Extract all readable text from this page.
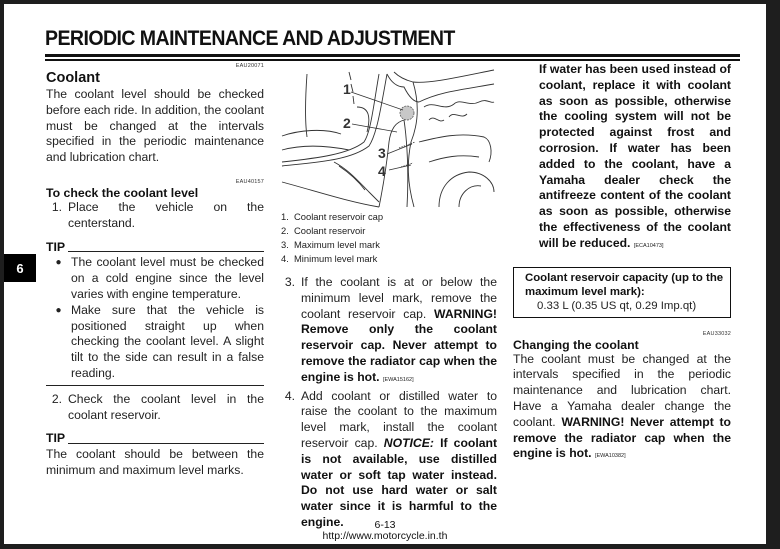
PERIODIC MAINTENANCE AND ADJUSTMENT
6
EAU20071
Coolant
The coolant level should be checked before each ride. In addition, the coolant must be changed at the intervals specified in the periodic maintenance and lubrication chart.
EAU40157
To check the coolant level
1. Place the vehicle on the centerstand.
TIP
● The coolant level must be checked on a cold engine since the level varies with engine temperature.
● Make sure that the vehicle is positioned straight up when checking the coolant level. A slight tilt to the side can result in a false reading.
2. Check the coolant level in the coolant reservoir.
TIP
The coolant should be between the minimum and maximum level marks.
1
2
3
4
1. Coolant reservoir cap
2. Coolant reservoir
3. Maximum level mark
4. Minimum level mark
3. If the coolant is at or below the minimum level mark, remove the coolant reservoir cap. WARNING! Remove only the coolant reservoir cap. Never attempt to remove the radiator cap when the engine is hot. [EWA15162]
4. Add coolant or distilled water to raise the coolant to the maximum level mark, install the coolant reservoir cap. NOTICE: If coolant is not available, use distilled water or soft tap water instead. Do not use hard water or salt water since it is harmful to the engine.
If water has been used instead of coolant, replace it with coolant as soon as possible, otherwise the cooling system will not be protected against frost and corrosion. If water has been added to the coolant, have a Yamaha dealer check the antifreeze content of the coolant as soon as possible, otherwise the effectiveness of the coolant will be reduced. [ECA10473]
Coolant reservoir capacity (up to the maximum level mark):
0.33 L (0.35 US qt, 0.29 Imp.qt)
EAU33032
Changing the coolant
The coolant must be changed at the intervals specified in the periodic maintenance and lubrication chart. Have a Yamaha dealer change the coolant. WARNING! Never attempt to remove the radiator cap when the engine is hot. [EWA10382]
6-13
http://www.motorcycle.in.th
